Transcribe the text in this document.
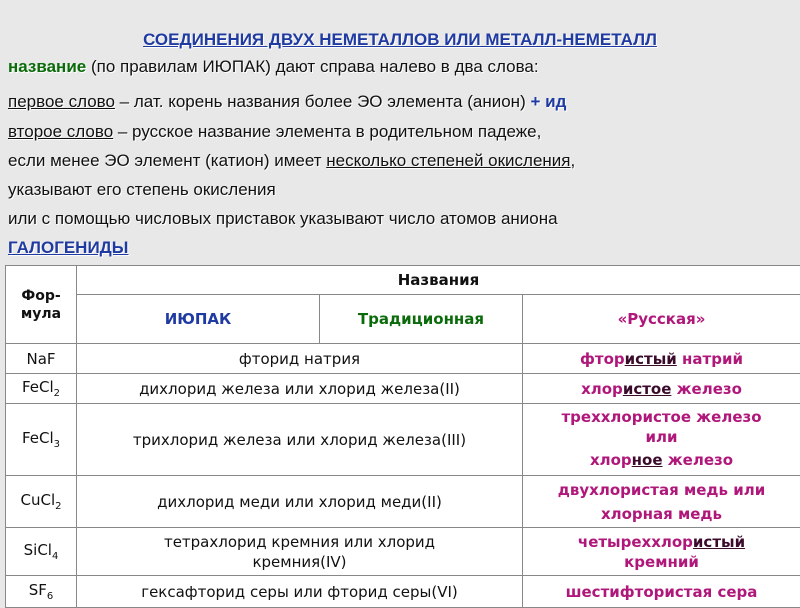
СОЕДИНЕНИЯ ДВУХ НЕМЕТАЛЛОВ ИЛИ МЕТАЛЛ-НЕМЕТАЛЛ
название (по правилам ИЮПАК) дают справа налево в два слова:
первое слово – лат. корень названия более ЭО элемента (анион) + ид
второе слово – русское название элемента в родительном падеже,
если менее ЭО элемент (катион) имеет несколько степеней окисления,
указывают его степень окисления
или с помощью числовых приставок указывают число атомов аниона
ГАЛОГЕНИДЫ
Фор-мула	Названия		
	ИЮПАК	Традиционная	«Русская»
NaF	фторид натрия		фтористый натрий
FeCl$_2$	дихлорид железа или хлорид железа(II)		хлористое железо
FeCl$_3$	трихлорид железа или хлорид железа(III)		треххлористое железо
или
хлорное железо

CuCl$_2$	дихлорид меди или хлорид меди(II)		двухлористая медь или
хлорная медь

SiCl$_4$	тетрахлорид кремния или хлорид кремния(IV)		четыреххлористый кремний
$SF_6$	гексафторид серы или фторид серы(VI)		шестифтористая сера
